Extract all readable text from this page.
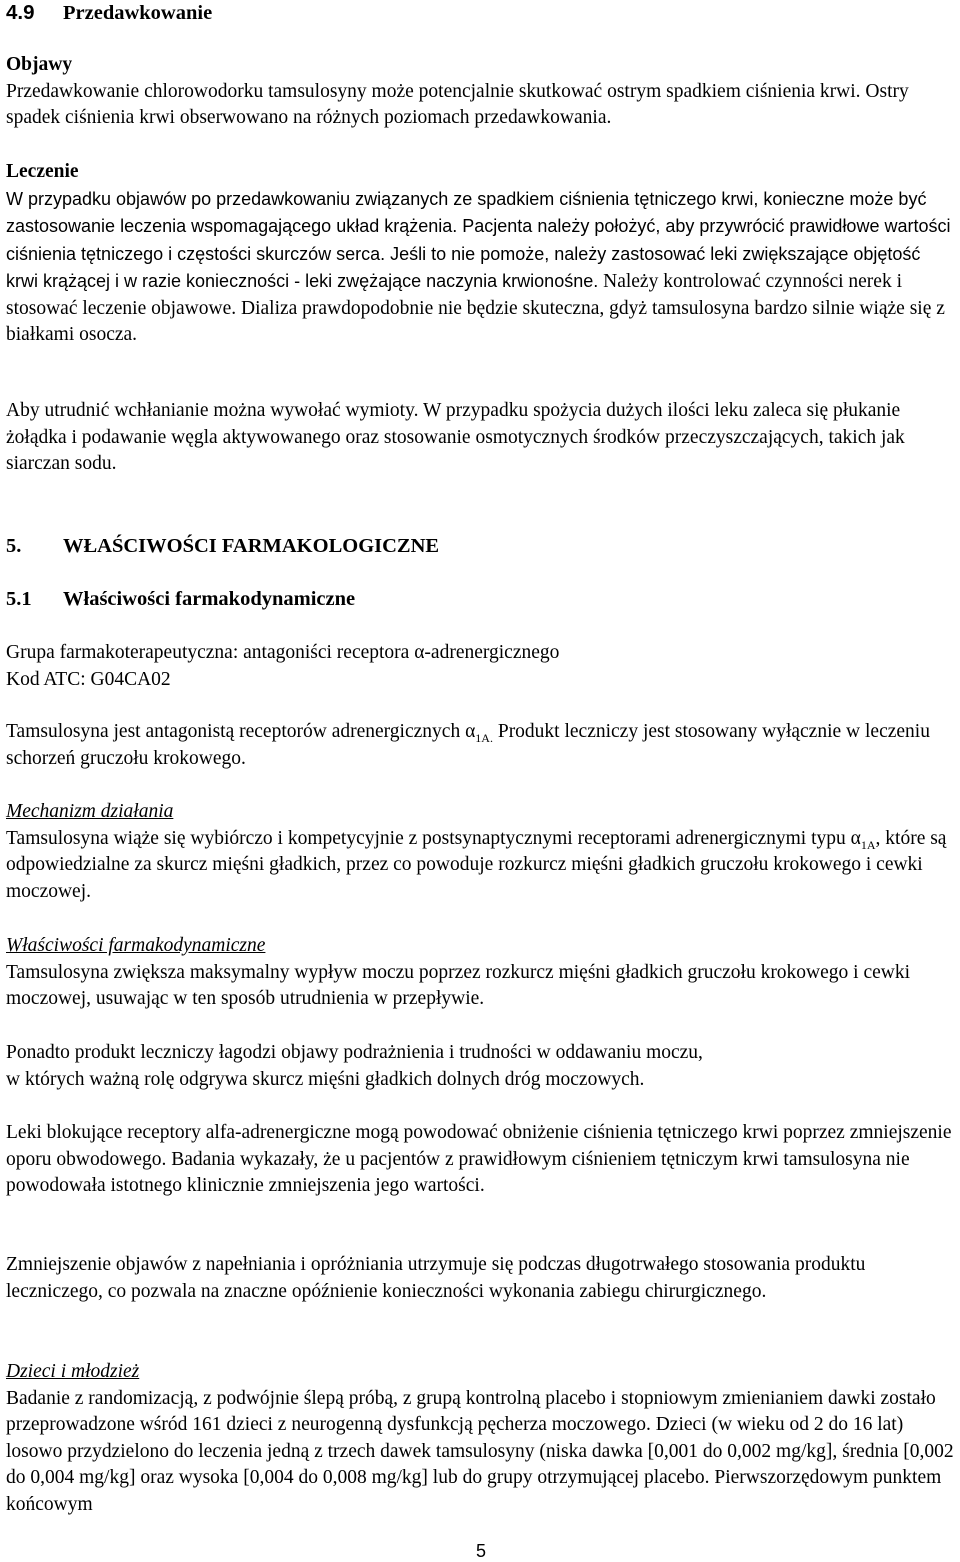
4.9 Przedawkowanie
Objawy
Przedawkowanie chlorowodorku tamsulosyny może potencjalnie skutkować ostrym spadkiem ciśnienia krwi. Ostry spadek ciśnienia krwi obserwowano na różnych poziomach przedawkowania.
Leczenie

W przypadku objawów po przedawkowaniu związanych ze spadkiem ciśnienia tętniczego krwi, konieczne może być zastosowanie leczenia wspomagającego układ krążenia. Pacjenta należy położyć, aby przywrócić prawidłowe wartości ciśnienia tętniczego i częstości skurczów serca. Jeśli to nie pomoże, należy zastosować leki zwiększające objętość krwi krążącej i w razie konieczności - leki zwężające naczynia krwionośne. Należy kontrolować czynności nerek i stosować leczenie objawowe. Dializa prawdopodobnie nie będzie skuteczna, gdyż tamsulosyna bardzo silnie wiąże się z białkami osocza.

Aby utrudnić wchłanianie można wywołać wymioty. W przypadku spożycia dużych ilości leku zaleca się płukanie żołądka i podawanie węgla aktywowanego oraz stosowanie osmotycznych środków przeczyszczających, takich jak siarczan sodu.

5. WŁAŚCIWOŚCI FARMAKOLOGICZNE
5.1 Właściwości farmakodynamiczne
Grupa farmakoterapeutyczna: antagoniści receptora α-adrenergicznego
Kod ATC: G04CA02

Tamsulosyna jest antagonistą receptorów adrenergicznych $\alpha_{1A.}$ Produkt leczniczy jest stosowany wyłącznie w leczeniu schorzeń gruczołu krokowego.

Mechanizm działania

Tamsulosyna wiąże się wybiórczo i kompetycyjnie z postsynaptycznymi receptorami adrenergicznymi typu $\alpha_{1A}$, które są odpowiedzialne za skurcz mięśni gładkich, przez co powoduje rozkurcz mięśni gładkich gruczołu krokowego i cewki moczowej.

Właściwości farmakodynamiczne

Tamsulosyna zwiększa maksymalny wypływ moczu poprzez rozkurcz mięśni gładkich gruczołu krokowego i cewki moczowej, usuwając w ten sposób utrudnienia w przepływie.

Ponadto produkt leczniczy łagodzi objawy podrażnienia i trudności w oddawaniu moczu,
w których ważną rolę odgrywa skurcz mięśni gładkich dolnych dróg moczowych.

Leki blokujące receptory alfa-adrenergiczne mogą powodować obniżenie ciśnienia tętniczego krwi poprzez zmniejszenie oporu obwodowego. Badania wykazały, że u pacjentów z prawidłowym ciśnieniem tętniczym krwi tamsulosyna nie powodowała istotnego klinicznie zmniejszenia jego wartości.

Zmniejszenie objawów z napełniania i opróżniania utrzymuje się podczas długotrwałego stosowania produktu leczniczego, co pozwala na znaczne opóźnienie konieczności wykonania zabiegu chirurgicznego.

Dzieci i młodzież

Badanie z randomizacją, z podwójnie ślepą próbą, z grupą kontrolną placebo i stopniowym zmienianiem dawki zostało przeprowadzone wśród 161 dzieci z neurogenną dysfunkcją pęcherza moczowego. Dzieci (w wieku od 2 do 16 lat) losowo przydzielono do leczenia jedną z trzech dawek tamsulosyny (niska dawka [0,001 do 0,002 mg/kg], średnia [0,002 do 0,004 mg/kg] oraz wysoka [0,004 do 0,008 mg/kg] lub do grupy otrzymującej placebo. Pierwszorzędowym punktem końcowym

5
